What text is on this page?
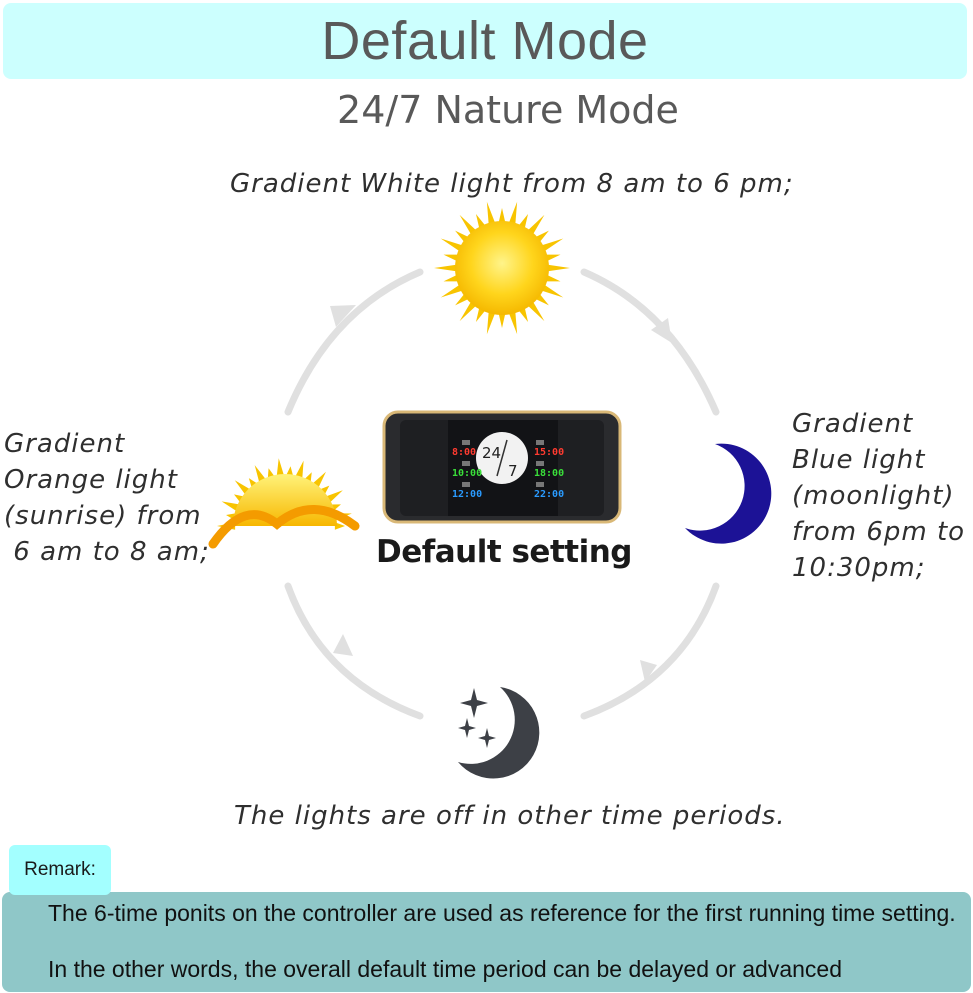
Default Mode
24/7 Nature Mode
24
7
8:00
10:00
12:00
15:00
18:00
22:00
Default setting
Gradient White light from 8 am to 6 pm;
Gradient
Orange light
(sunrise) from
6 am to 8 am;
Gradient
Blue light
(moonlight)
from 6pm to
10:30pm;
The lights are off in other time periods.
Remark:
The 6-time ponits on the controller are used as reference for the first running time setting.
In the other words, the overall default time period can be delayed or advanced
